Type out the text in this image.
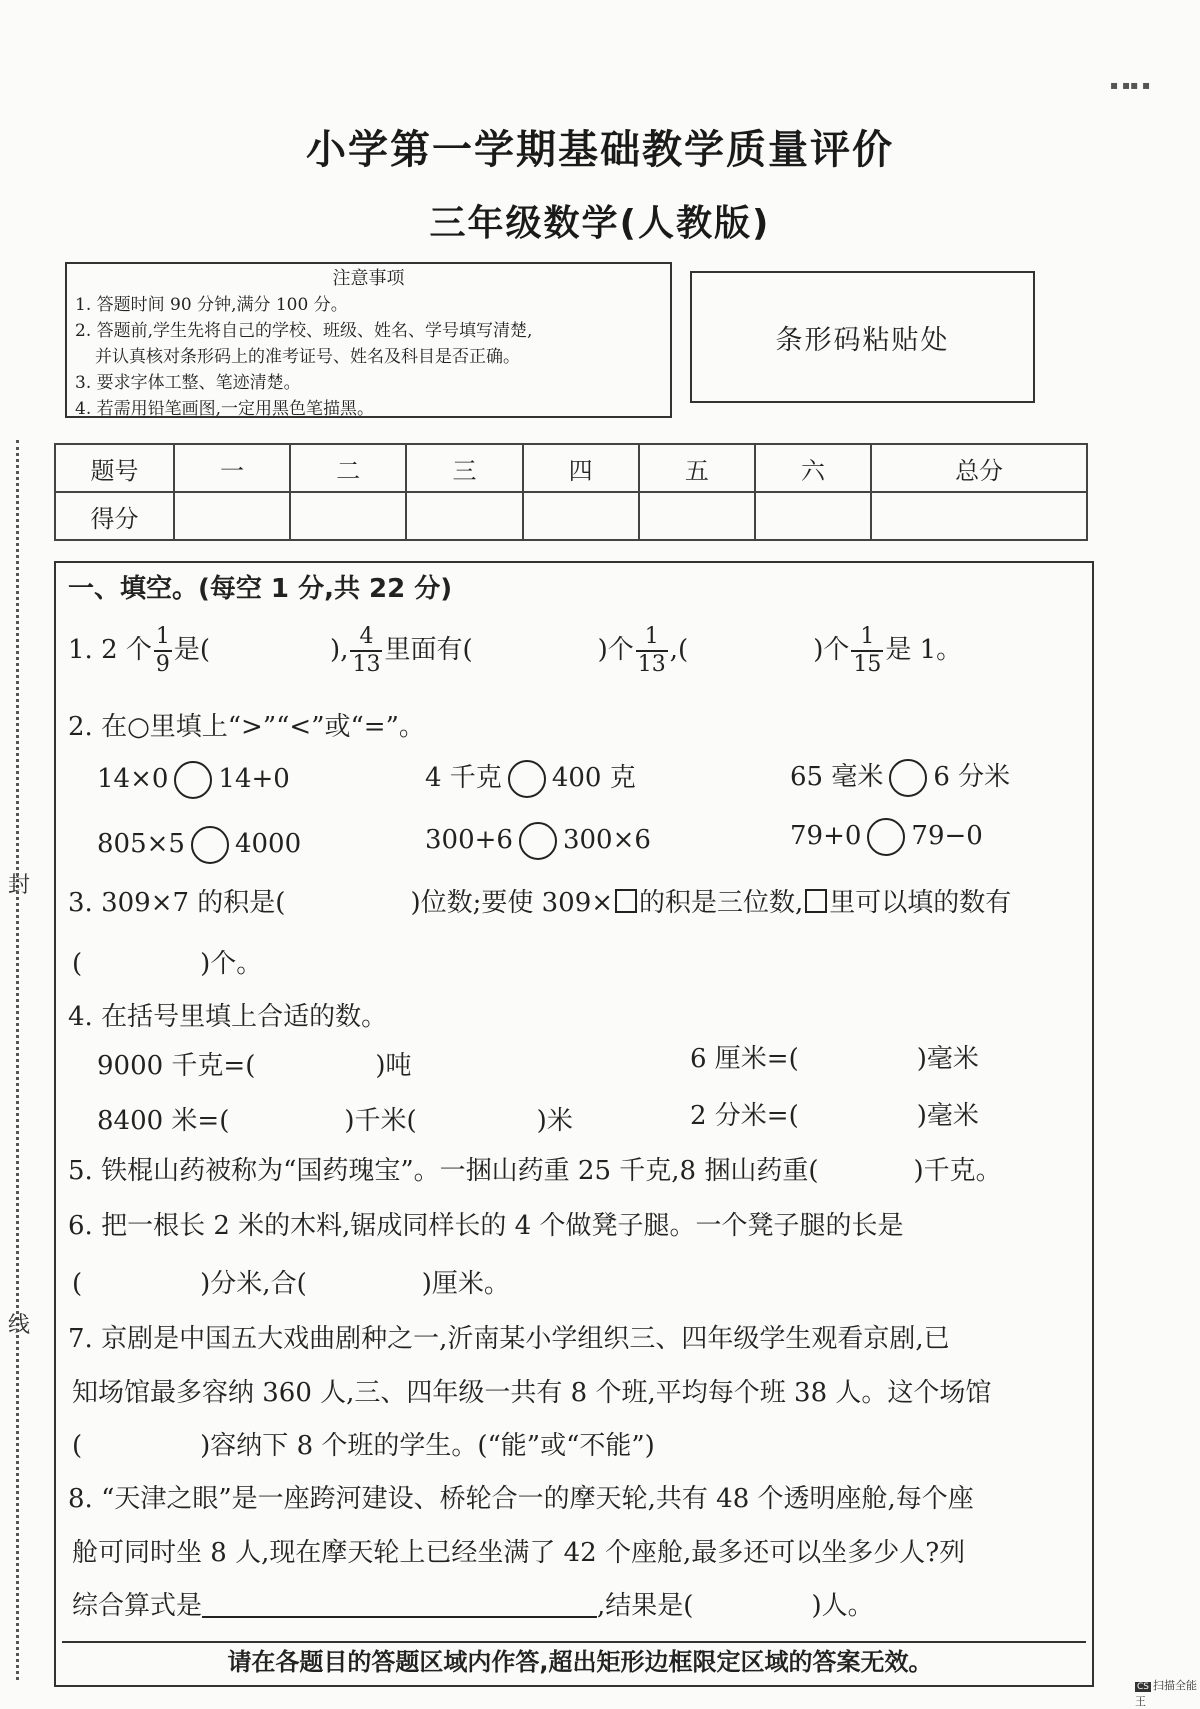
小学第一学期基础教学质量评价
三年级数学(人教版)
注意事项
1. 答题时间 90 分钟,满分 100 分。
2. 答题前,学生先将自己的学校、班级、姓名、学号填写清楚,
并认真核对条形码上的准考证号、姓名及科目是否正确。
3. 要求字体工整、笔迹清楚。
4. 若需用铅笔画图,一定用黑色笔描黑。
条形码粘贴处
题号	一	二	三	四	五	六	总分
得分							
一、填空。(每空 1 分,共 22 分)
1. 2 个 $\frac{1}{9}$ 是(	), $\frac{4}{13}$ 里面有(	)个 $\frac{1}{13}$ ,(	)个 $\frac{1}{15}$ 是 1。
2. 在○里填上“>”“<”或“=”。
14×0 14+0	4 千克 400 克	65 毫米 6 分米
805×5 4000	300+6 300×6	79+0 79−0
3. 309×7 的积是(	)位数;要使 309× 的积是三位数, 里可以填的数有
(	)个。
4. 在括号里填上合适的数。
9000 千克=(	)吨	6 厘米=(	)毫米
8400 米=(	)千米(	)米	2 分米=(	)毫米
5. 铁棍山药被称为“国药瑰宝”。一捆山药重 25 千克,8 捆山药重(	)千克。
6. 把一根长 2 米的木料,锯成同样长的 4 个做凳子腿。一个凳子腿的长是
(	)分米,合(	)厘米。
7. 京剧是中国五大戏曲剧种之一,沂南某小学组织三、四年级学生观看京剧,已
知场馆最多容纳 360 人,三、四年级一共有 8 个班,平均每个班 38 人。这个场馆
(	)容纳下 8 个班的学生。(“能”或“不能”)
8. “天津之眼”是一座跨河建设、桥轮合一的摩天轮,共有 48 个透明座舱,每个座
舱可同时坐 8 人,现在摩天轮上已经坐满了 42 个座舱,最多还可以坐多少人?列
综合算式是	,结果是(	)人。
请在各题目的答题区域内作答,超出矩形边框限定区域的答案无效。
封
线
▪ ▪▪ ▪
CS 扫描全能王
